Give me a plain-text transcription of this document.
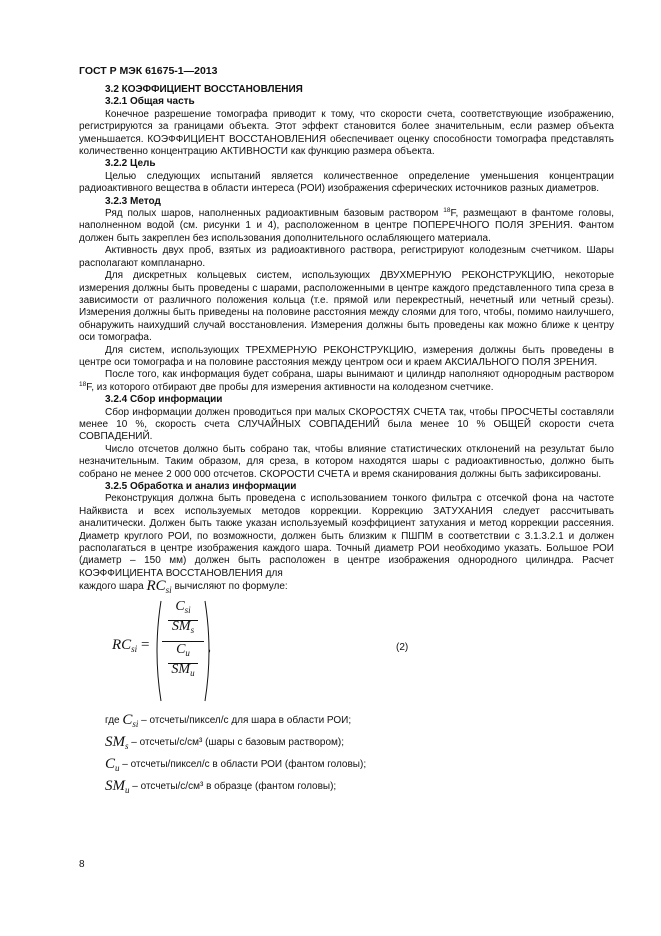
ГОСТ Р МЭК 61675-1—2013
3.2 КОЭФФИЦИЕНТ ВОССТАНОВЛЕНИЯ
3.2.1 Общая часть

Конечное разрешение томографа приводит к тому, что скорости счета, соответствующие изображению, регистрируются за границами объекта. Этот эффект становится более значительным, если размер объекта уменьшается. КОЭФФИЦИЕНТ ВОССТАНОВЛЕНИЯ обеспечивает оценку способности томографа представлять количественно концентрацию АКТИВНОСТИ как функцию размера объекта.

3.2.2 Цель

Целью следующих испытаний является количественное определение уменьшения концентрации радиоактивного вещества в области интереса (РОИ) изображения сферических источников разных диаметров.

3.2.3 Метод

Ряд полых шаров, наполненных радиоактивным базовым раствором $^{18}$F, размещают в фантоме головы, наполненном водой (см. рисунки 1 и 4), расположенном в центре ПОПЕРЕЧНОГО ПОЛЯ ЗРЕНИЯ. Фантом должен быть закреплен без использования дополнительного ослабляющего материала.

Активность двух проб, взятых из радиоактивного раствора, регистрируют колодезным счетчиком. Шары располагают компланарно.

Для дискретных кольцевых систем, использующих ДВУХМЕРНУЮ РЕКОНСТРУКЦИЮ, некоторые измерения должны быть проведены с шарами, расположенными в центре каждого представленного типа среза в зависимости от различного положения кольца (т.е. прямой или перекрестный, нечетный или четный срезы). Измерения должны быть приведены на половине расстояния между слоями для того, чтобы, помимо наилучшего, обнаружить наихудший случай восстановления. Измерения должны быть проведены как можно ближе к центру оси томографа.

Для систем, использующих ТРЕХМЕРНУЮ РЕКОНСТРУКЦИЮ, измерения должны быть проведены в центре оси томографа и на половине расстояния между центром оси и краем АКСИАЛЬНОГО ПОЛЯ ЗРЕНИЯ.

После того, как информация будет собрана, шары вынимают и цилиндр наполняют однородным раствором $^{18}$F, из которого отбирают две пробы для измерения активности на колодезном счетчике.

3.2.4 Сбор информации

Сбор информации должен проводиться при малых СКОРОСТЯХ СЧЕТА так, чтобы ПРОСЧЕТЫ составляли менее 10 %, скорость счета СЛУЧАЙНЫХ СОВПАДЕНИЙ была менее 10 % ОБЩЕЙ скорости счета СОВПАДЕНИЙ.

Число отсчетов должно быть собрано так, чтобы влияние статистических отклонений на результат было незначительным. Таким образом, для среза, в котором находятся шары с радиоактивностью, должно быть собрано не менее 2 000 000 отсчетов. СКОРОСТИ СЧЕТА и время сканирования должны быть зафиксированы.

3.2.5 Обработка и анализ информации

Реконструкция должна быть проведена с использованием тонкого фильтра с отсечкой фона на частоте Найквиста и всех используемых методов коррекции. Коррекцию ЗАТУХАНИЯ следует рассчитывать аналитически. Должен быть также указан используемый коэффициент затухания и метод коррекции рассеяния. Диаметр круглого РОИ, по возможности, должен быть близким к ПШПМ в соответствии с 3.1.3.2.1 и должен располагаться в центре изображения каждого шара. Точный диаметр РОИ необходимо указать. Большое РОИ (диаметр – 150 мм) должен быть расположен в центре изображения однородного цилиндра. Расчет КОЭФФИЦИЕНТА ВОССТАНОВЛЕНИЯ для

каждого шара $RC_{si}$ вычисляют по формуле:

$RC_{si}$ =
$C_{si}$
$SM_s$
$C_u$
$SM_u$
,	(2)
где $C_{si}$ – отсчеты/пиксел/с для шара в области РОИ;
$SM_s$ – отсчеты/с/см³ (шары с базовым раствором);
$C_u$ – отсчеты/пиксел/с в области РОИ (фантом головы);
$SM_u$ – отсчеты/с/см³ в образце (фантом головы);
8
